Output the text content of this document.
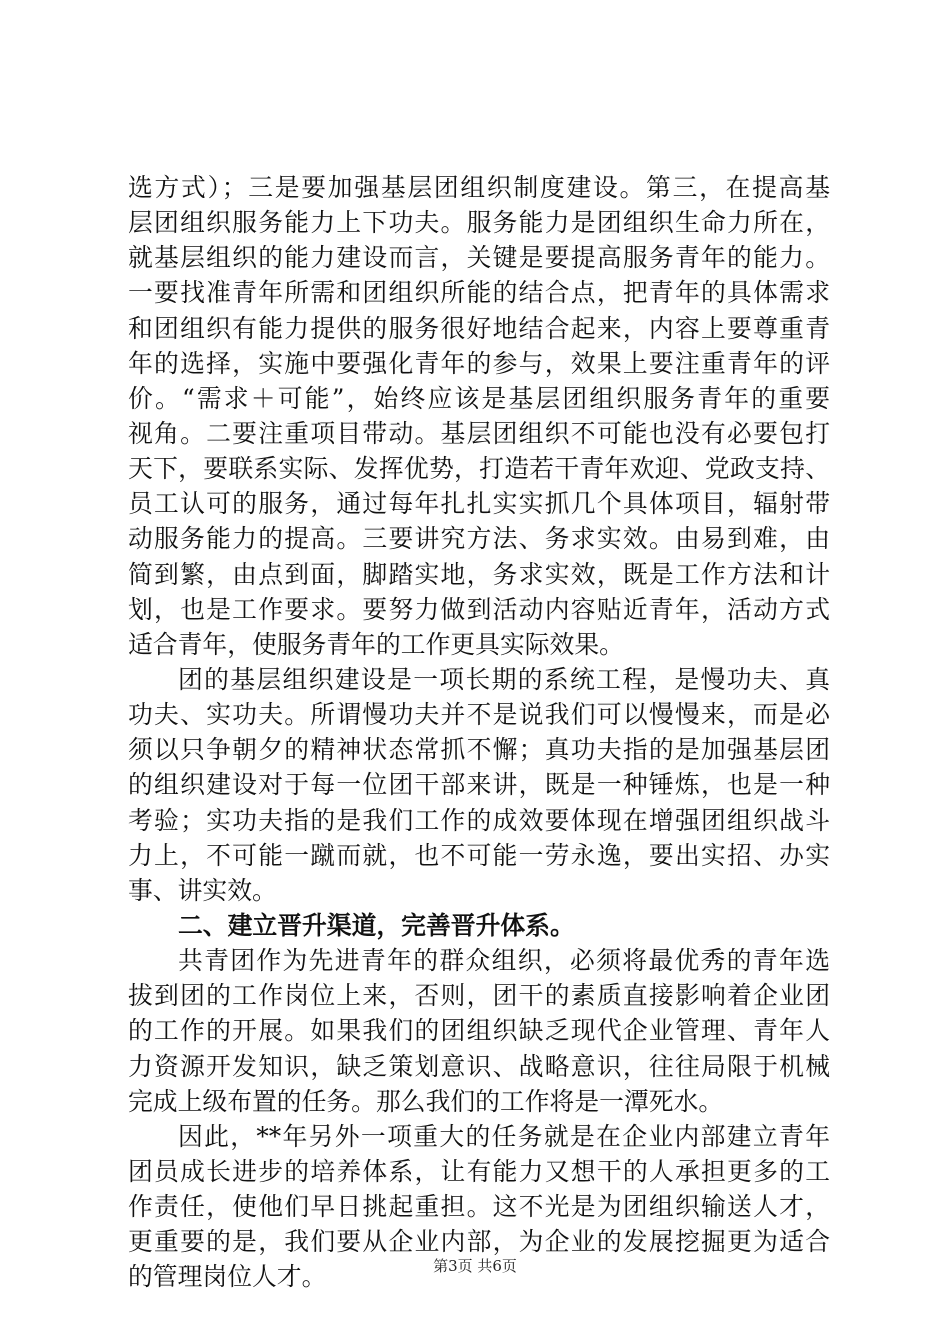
选方式）；三是要加强基层团组织制度建设。第三，在提高基
层团组织服务能力上下功夫。服务能力是团组织生命力所在，
就基层组织的能力建设而言，关键是要提高服务青年的能力。
一要找准青年所需和团组织所能的结合点，把青年的具体需求
和团组织有能力提供的服务很好地结合起来，内容上要尊重青
年的选择，实施中要强化青年的参与，效果上要注重青年的评
价。“需求＋可能”，始终应该是基层团组织服务青年的重要
视角。二要注重项目带动。基层团组织不可能也没有必要包打
天下，要联系实际、发挥优势，打造若干青年欢迎、党政支持、
员工认可的服务，通过每年扎扎实实抓几个具体项目，辐射带
动服务能力的提高。三要讲究方法、务求实效。由易到难，由
简到繁，由点到面，脚踏实地，务求实效，既是工作方法和计
划，也是工作要求。要努力做到活动内容贴近青年，活动方式
适合青年，使服务青年的工作更具实际效果。
团的基层组织建设是一项长期的系统工程，是慢功夫、真
功夫、实功夫。所谓慢功夫并不是说我们可以慢慢来，而是必
须以只争朝夕的精神状态常抓不懈；真功夫指的是加强基层团
的组织建设对于每一位团干部来讲，既是一种锤炼，也是一种
考验；实功夫指的是我们工作的成效要体现在增强团组织战斗
力上，不可能一蹴而就，也不可能一劳永逸，要出实招、办实
事、讲实效。
二、建立晋升渠道，完善晋升体系。
共青团作为先进青年的群众组织，必须将最优秀的青年选
拔到团的工作岗位上来，否则，团干的素质直接影响着企业团
的工作的开展。如果我们的团组织缺乏现代企业管理、青年人
力资源开发知识，缺乏策划意识、战略意识，往往局限于机械
完成上级布置的任务。那么我们的工作将是一潭死水。
因此，**年另外一项重大的任务就是在企业内部建立青年
团员成长进步的培养体系，让有能力又想干的人承担更多的工
作责任，使他们早日挑起重担。这不光是为团组织输送人才，
更重要的是，我们要从企业内部，为企业的发展挖掘更为适合
的管理岗位人才。	第3页 共6页
